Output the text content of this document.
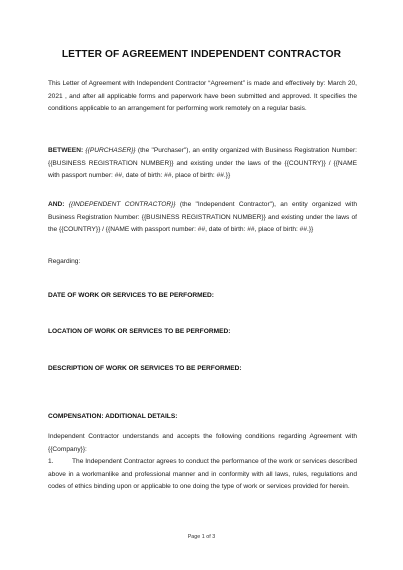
LETTER OF AGREEMENT INDEPENDENT CONTRACTOR
This Letter of Agreement with Independent Contractor “Agreement” is made and effectively by: March 20, 2021 , and after all applicable forms and paperwork have been submitted and approved. It specifies the conditions applicable to an arrangement for performing work remotely on a regular basis.
BETWEEN: {{PURCHASER}} (the "Purchaser"), an entity organized with Business Registration Number: {{BUSINESS REGISTRATION NUMBER}} and existing under the laws of the {{COUNTRY}} / {{NAME with passport number: ##, date of birth: ##, place of birth: ##.}}
AND: {{INDEPENDENT CONTRACTOR}} (the "Independent Contractor"), an entity organized with Business Registration Number: {{BUSINESS REGISTRATION NUMBER}} and existing under the laws of the {{COUNTRY}} / {{NAME with passport number: ##, date of birth: ##, place of birth: ##.}}
Regarding:
DATE OF WORK OR SERVICES TO BE PERFORMED:
LOCATION OF WORK OR SERVICES TO BE PERFORMED:
DESCRIPTION OF WORK OR SERVICES TO BE PERFORMED:
COMPENSATION: ADDITIONAL DETAILS:
Independent Contractor understands and accepts the following conditions regarding Agreement with {{Company}}:
1.	The Independent Contractor agrees to conduct the performance of the work or services described above in a workmanlike and professional manner and in conformity with all laws, rules, regulations and codes of ethics binding upon or applicable to one doing the type of work or services provided for herein.
Page 1 of 3
